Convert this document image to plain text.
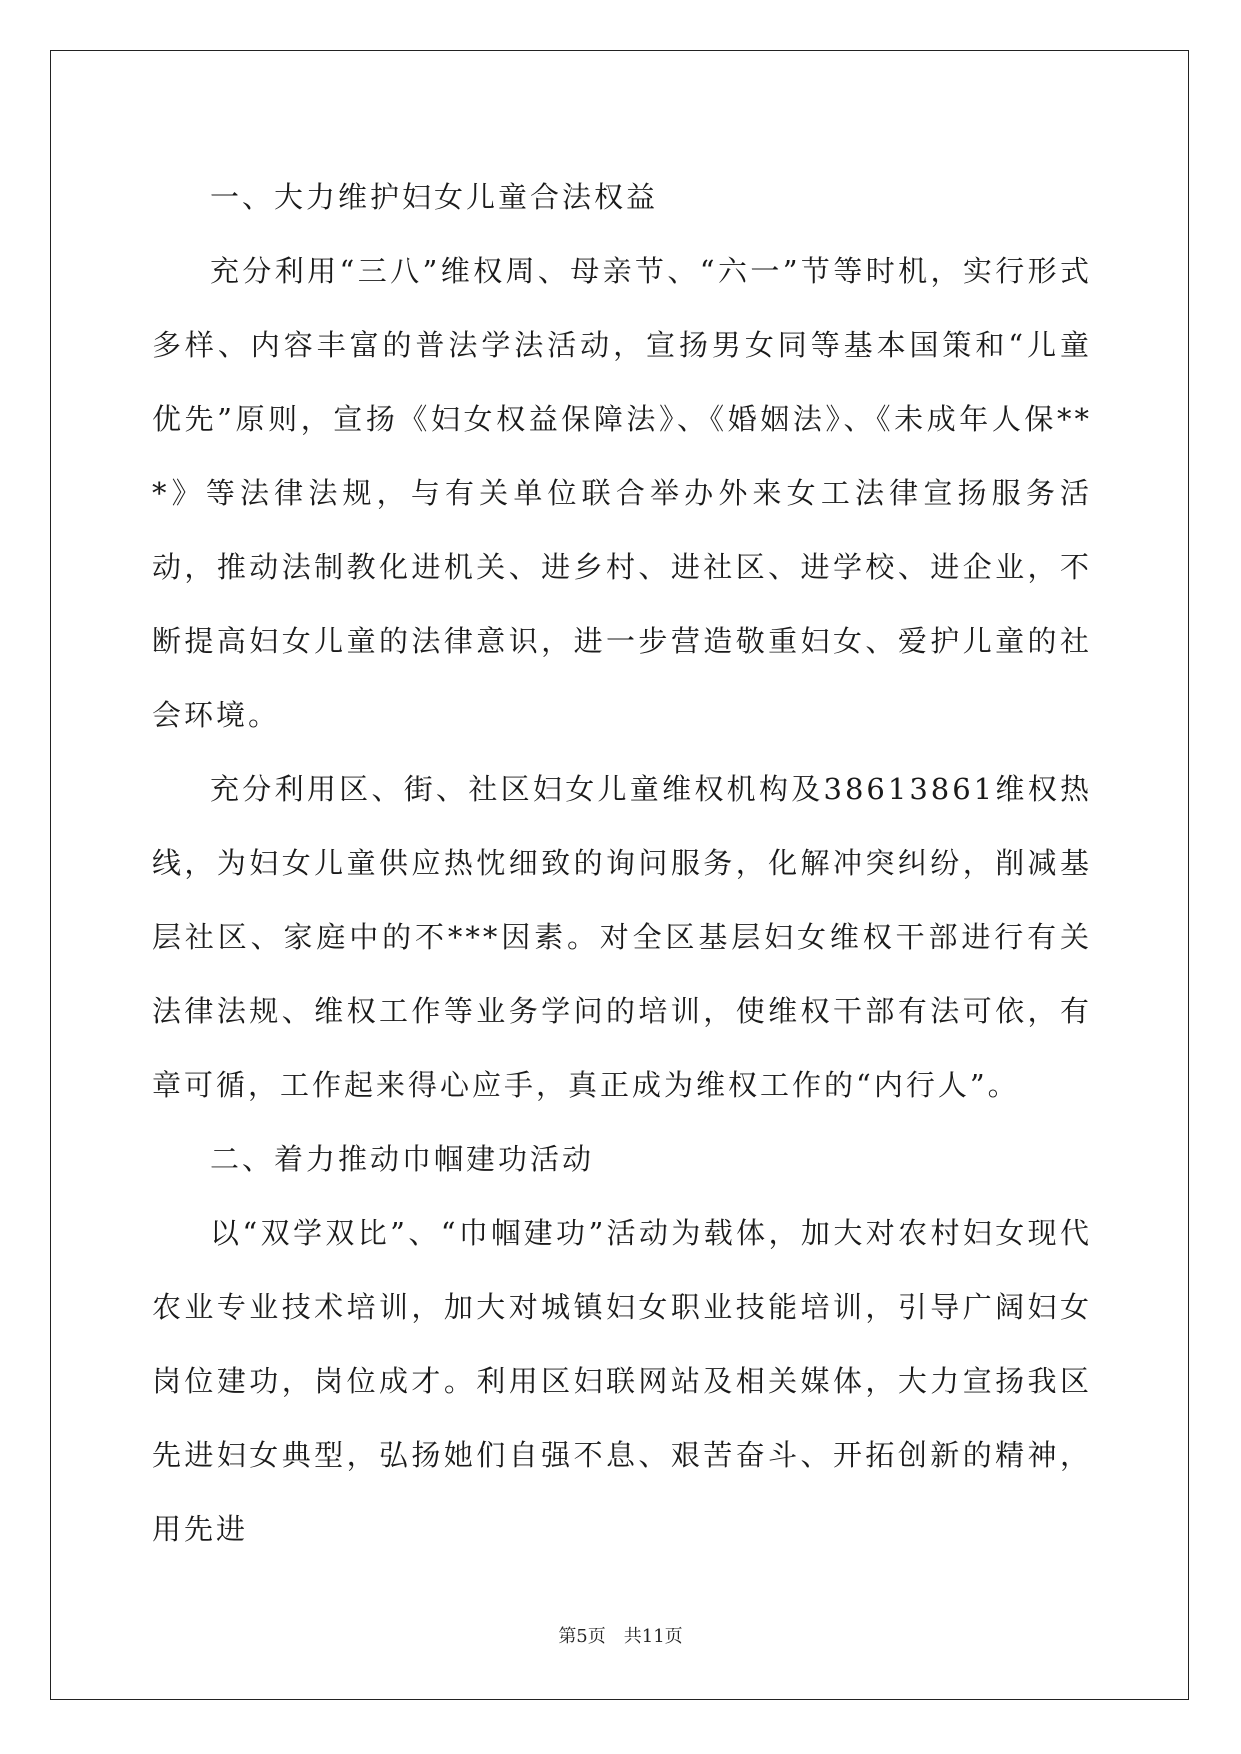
一、大力维护妇女儿童合法权益

充分利用“三八”维权周、母亲节、“六一”节等时机，实行形式多样、内容丰富的普法学法活动，宣扬男女同等基本国策和“儿童优先”原则，宣扬《妇女权益保障法》、《婚姻法》、《未成年人保***》等法律法规，与有关单位联合举办外来女工法律宣扬服务活动，推动法制教化进机关、进乡村、进社区、进学校、进企业，不断提高妇女儿童的法律意识，进一步营造敬重妇女、爱护儿童的社会环境。

充分利用区、街、社区妇女儿童维权机构及38613861维权热线，为妇女儿童供应热忱细致的询问服务，化解冲突纠纷，削减基层社区、家庭中的不***因素。对全区基层妇女维权干部进行有关法律法规、维权工作等业务学问的培训，使维权干部有法可依，有章可循，工作起来得心应手，真正成为维权工作的“内行人”。

二、着力推动巾帼建功活动

以“双学双比”、“巾帼建功”活动为载体，加大对农村妇女现代农业专业技术培训，加大对城镇妇女职业技能培训，引导广阔妇女岗位建功，岗位成才。利用区妇联网站及相关媒体，大力宣扬我区先进妇女典型，弘扬她们自强不息、艰苦奋斗、开拓创新的精神，用先进

第5页　共11页
